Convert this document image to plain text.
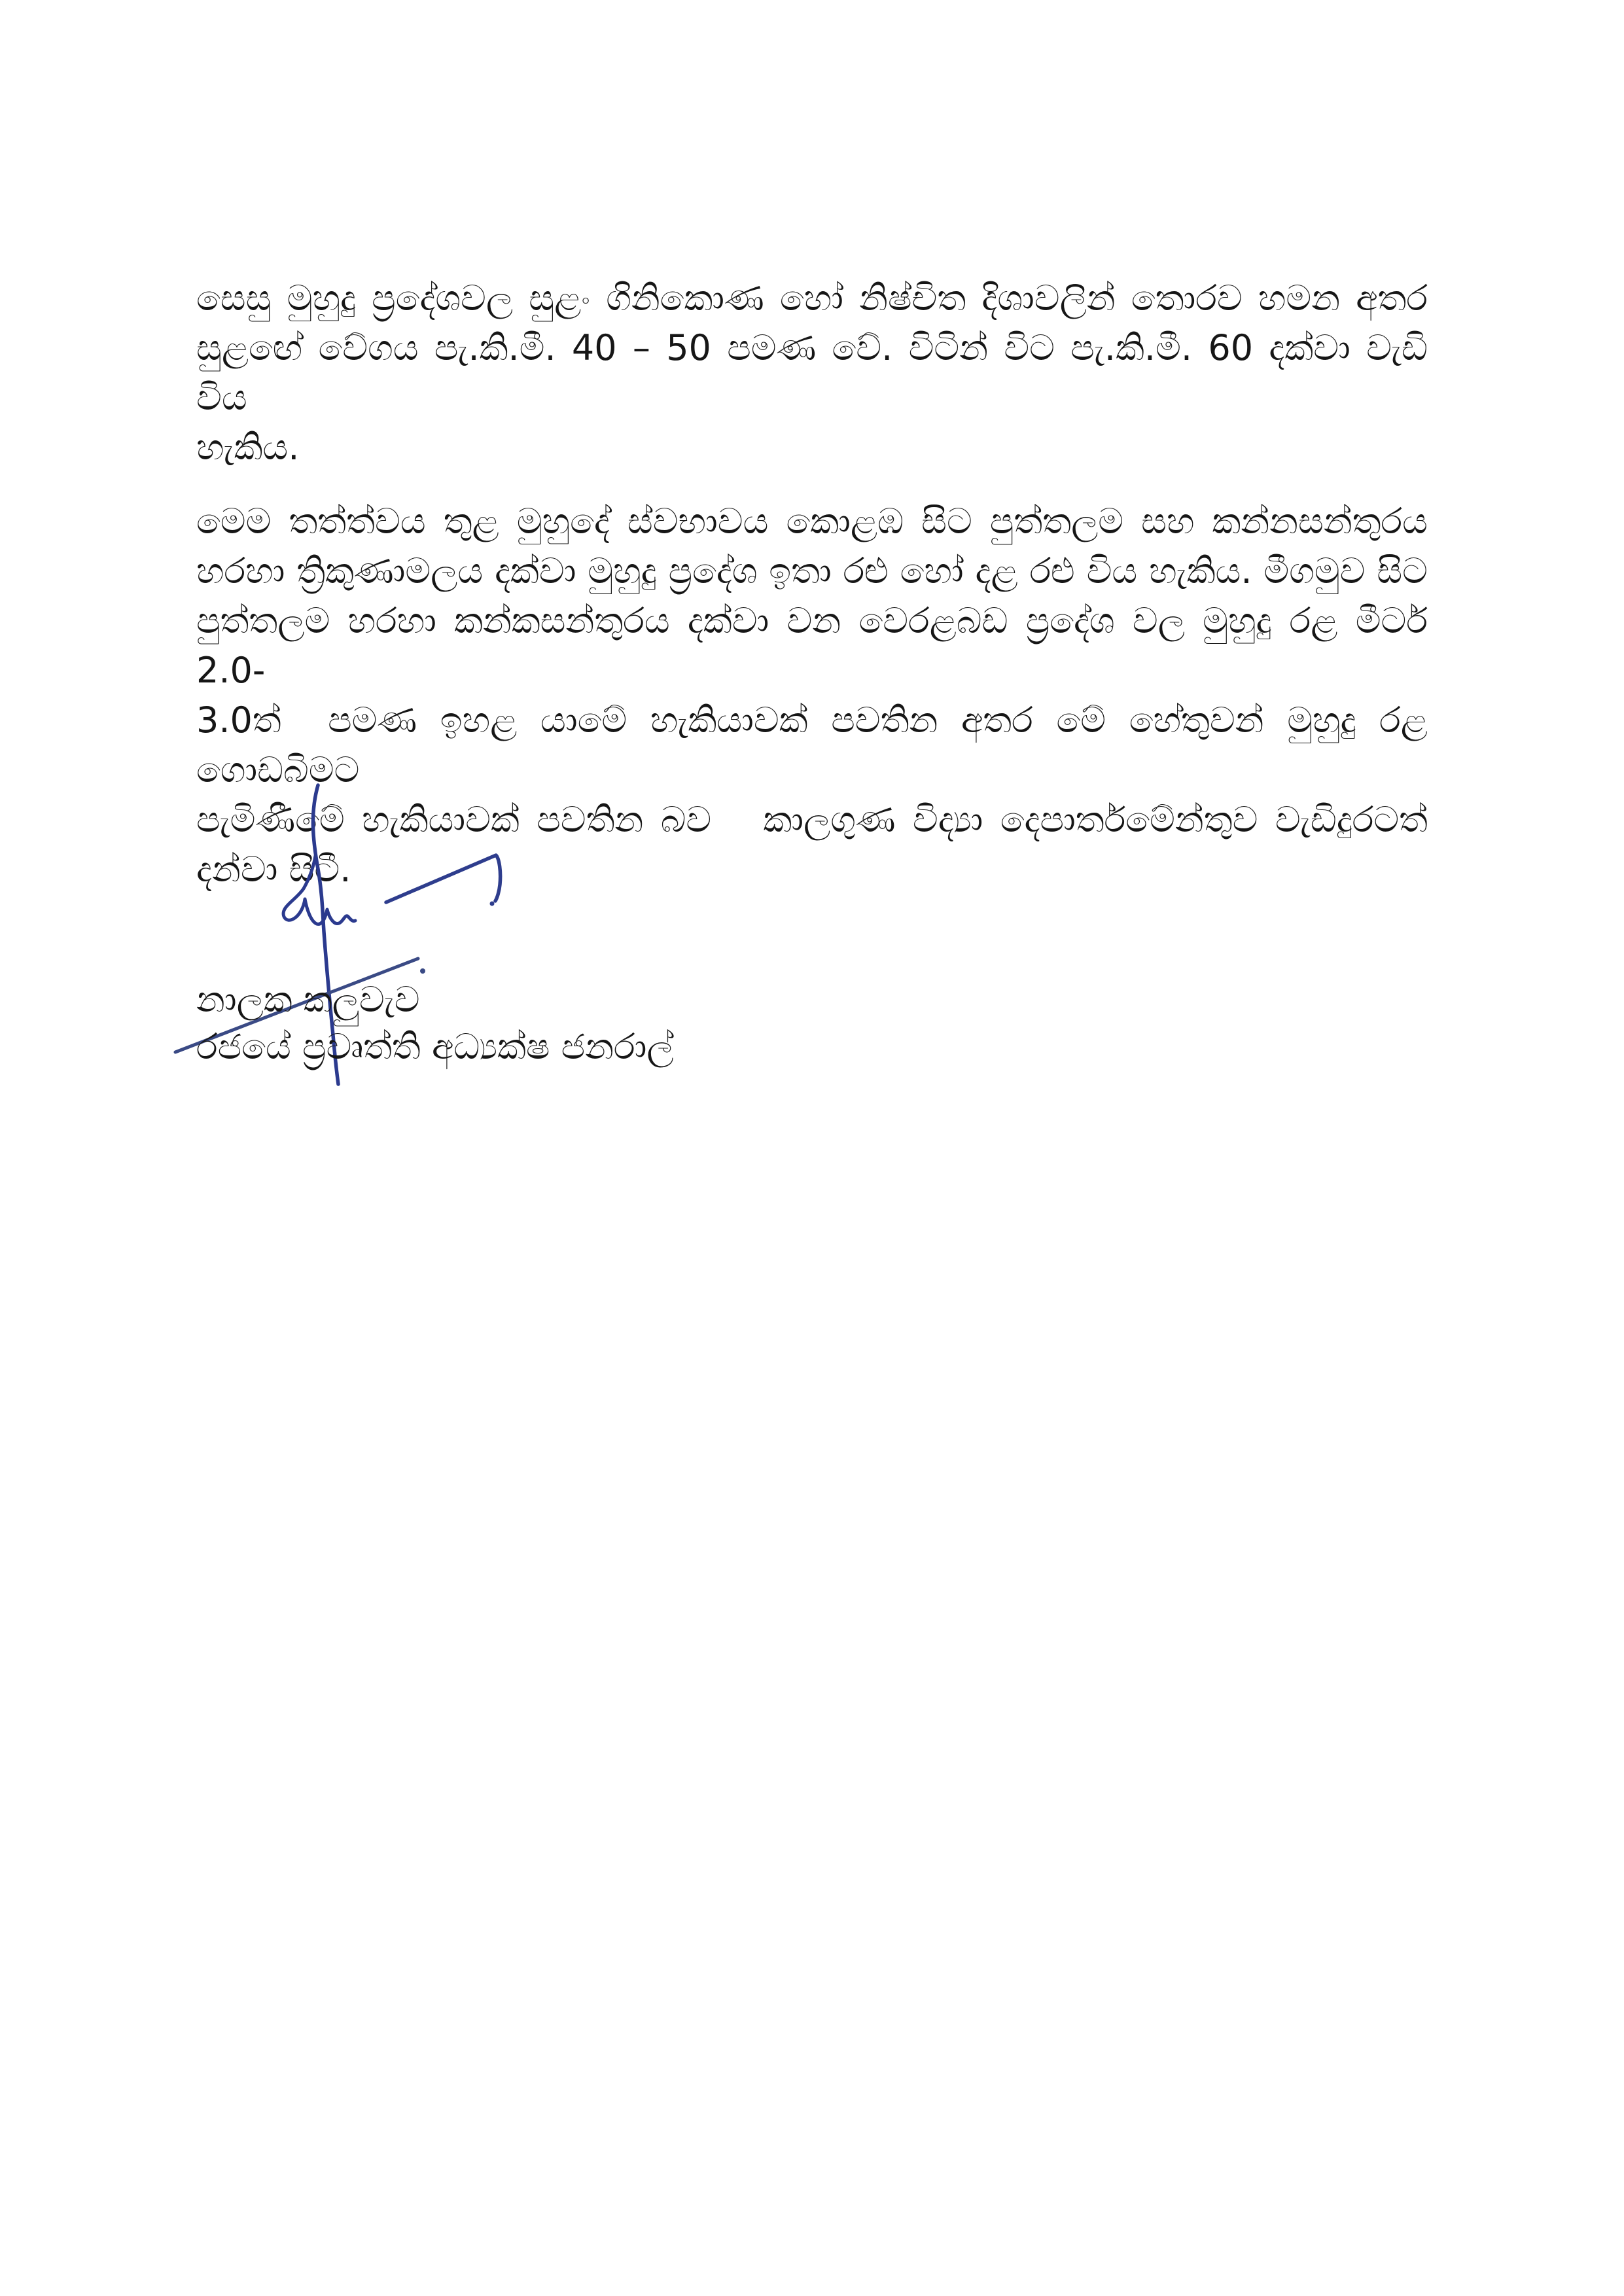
සෙසු මුහුදු ප්‍රදේශවල සුළං ගිනිකොණ හෝ නිෂ්චිත දිශාවලින් තොරව හමන අතර
සුළඟේ වේගය පැ.කි.මී. 40 – 50 පමණ වේ. විටින් විට පැ.කි.මී. 60 දක්වා වැඩි විය
හැකිය.
මෙම තත්ත්වය තුළ මුහුදේ ස්වභාවය කොළඹ සිට පුත්තලම සහ කන්නසන්තුරය
හරහා ත්‍රිකුණාමලය දක්වා මුහුදු ප්‍රදේශ ඉතා රළු හෝ දළ රළු විය හැකිය. මීගමුව සිට
පුත්තලම හරහා කන්කසන්තුරය දක්වා වන වෙරළබඩ ප්‍රදේශ වල මුහුදු රළ මීටර් 2.0-
3.0ත්  පමණ ඉහළ යාමේ හැකියාවක් පවතින අතර මේ හේතුවන් මුහුදු රළ ගොඩබිමට
පැමිණීමේ හැකියාවක් පවතින බව   කාලගුණ විද්‍යා දෙපාර්තමේන්තුව වැඩිදුරටත්
දන්වා සිටී.
නාලක කලුවැව
රජයේ ප්‍රවෘත්ති අධ්‍යක්ෂ ජනරාල්
